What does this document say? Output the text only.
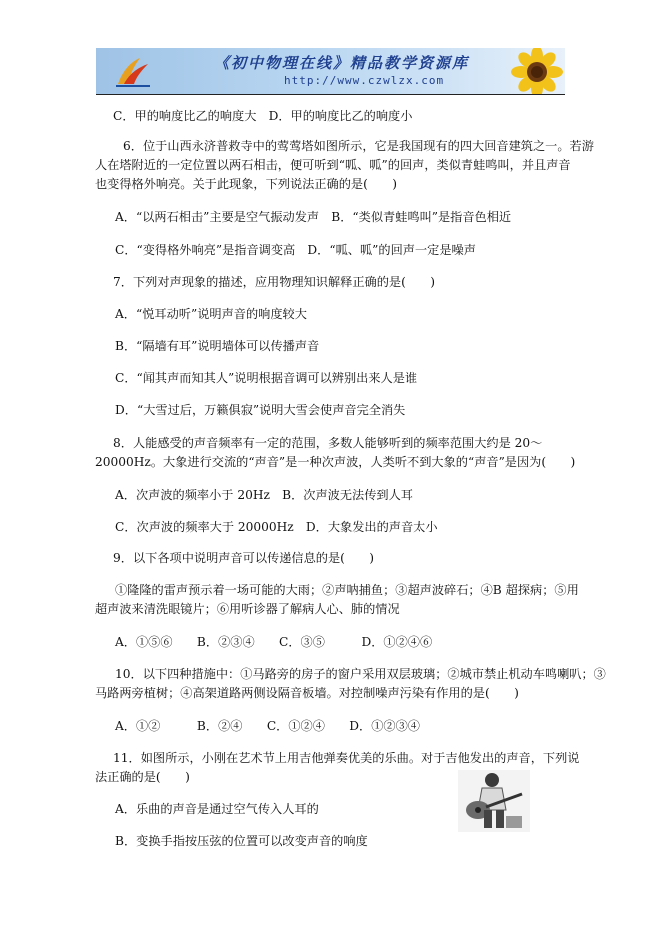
《初中物理在线》精品教学资源库
http://www.czwlzx.com
C．甲的响度比乙的响度大　D．甲的响度比乙的响度小
6．位于山西永济普救寺中的莺莺塔如图所示，它是我国现有的四大回音建筑之一。若游
人在塔附近的一定位置以两石相击，便可听到“呱、呱”的回声，类似青蛙鸣叫，并且声音
也变得格外响亮。关于此现象，下列说法正确的是(　　)
A．“以两石相击”主要是空气振动发声　B．“类似青蛙鸣叫”是指音色相近
C．“变得格外响亮”是指音调变高　D．“呱、呱”的回声一定是噪声
7．下列对声现象的描述，应用物理知识解释正确的是(　　)
A．“悦耳动听”说明声音的响度较大
B．“隔墙有耳”说明墙体可以传播声音
C．“闻其声而知其人”说明根据音调可以辨别出来人是谁
D．“大雪过后，万籁俱寂”说明大雪会使声音完全消失
8．人能感受的声音频率有一定的范围，多数人能够听到的频率范围大约是 20～
20000Hz。大象进行交流的“声音”是一种次声波，人类听不到大象的“声音”是因为(　　)
A．次声波的频率小于 20Hz　B．次声波无法传到人耳
C．次声波的频率大于 20000Hz　D．大象发出的声音太小
9．以下各项中说明声音可以传递信息的是(　　)
①隆隆的雷声预示着一场可能的大雨；②声呐捕鱼；③超声波碎石；④B 超探病；⑤用
超声波来清洗眼镜片；⑥用听诊器了解病人心、肺的情况
A．①⑤⑥　　B．②③④　　C．③⑤　　　D．①②④⑥
10．以下四种措施中：①马路旁的房子的窗户采用双层玻璃；②城市禁止机动车鸣喇叭；③
马路两旁植树；④高架道路两侧设隔音板墙。对控制噪声污染有作用的是(　　)
A．①②　　　B．②④　　C．①②④　　D．①②③④
11．如图所示，小刚在艺术节上用吉他弹奏优美的乐曲。对于吉他发出的声音，下列说
法正确的是(　　)
A．乐曲的声音是通过空气传入人耳的
B．变换手指按压弦的位置可以改变声音的响度
